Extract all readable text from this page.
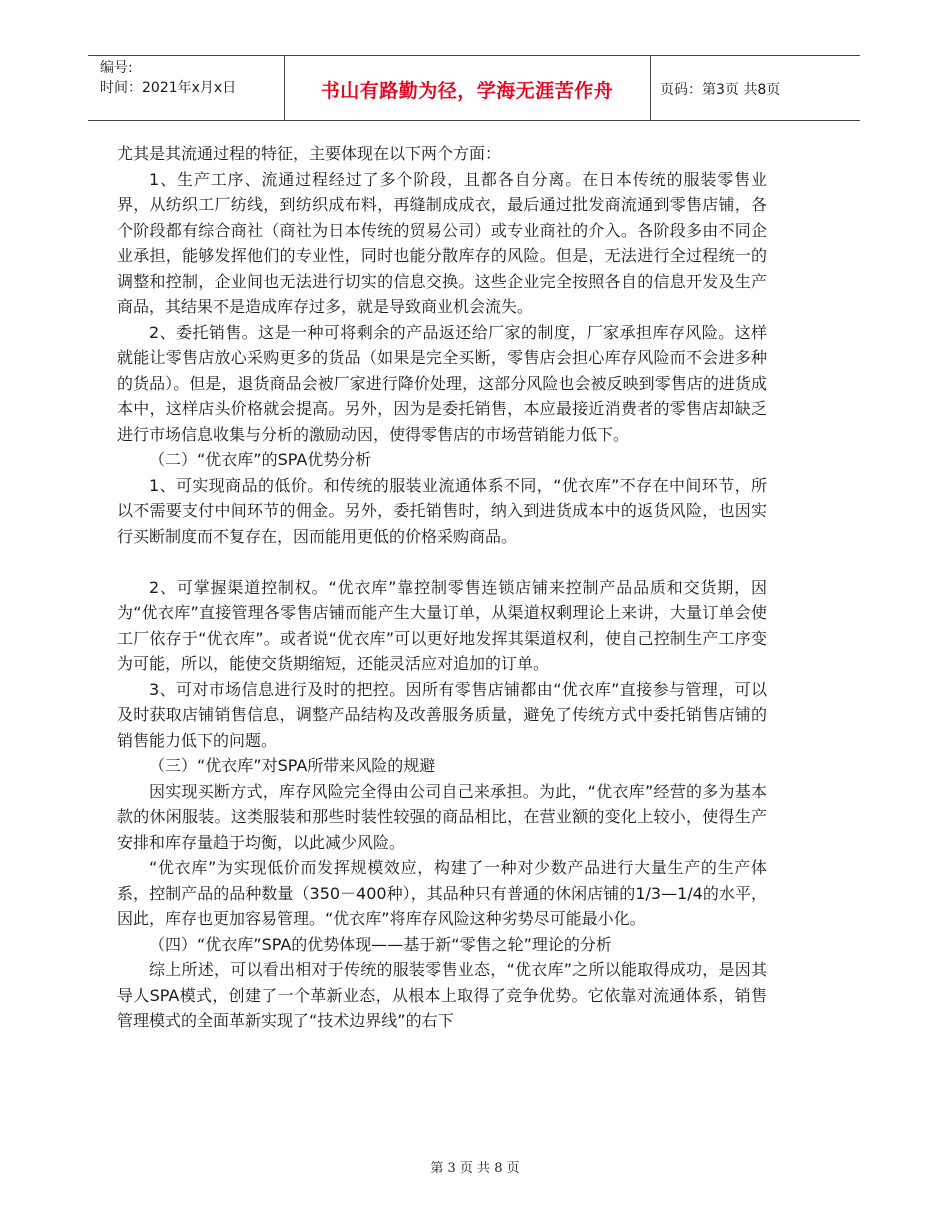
编号:
时间：2021年x月x日	书山有路勤为径，学海无涯苦作舟	页码：第3页 共8页

尤其是其流通过程的特征，主要体现在以下两个方面：

1、生产工序、流通过程经过了多个阶段，且都各自分离。在日本传统的服装零售业界，从纺织工厂纺线，到纺织成布料，再缝制成成衣，最后通过批发商流通到零售店铺，各个阶段都有综合商社（商社为日本传统的贸易公司）或专业商社的介入。各阶段多由不同企业承担，能够发挥他们的专业性，同时也能分散库存的风险。但是，无法进行全过程统一的调整和控制，企业间也无法进行切实的信息交换。这些企业完全按照各自的信息开发及生产商品，其结果不是造成库存过多，就是导致商业机会流失。

2、委托销售。这是一种可将剩余的产品返还给厂家的制度，厂家承担库存风险。这样就能让零售店放心采购更多的货品（如果是完全买断，零售店会担心库存风险而不会进多种的货品）。但是，退货商品会被厂家进行降价处理，这部分风险也会被反映到零售店的进货成本中，这样店头价格就会提高。另外，因为是委托销售，本应最接近消费者的零售店却缺乏进行市场信息收集与分析的激励动因，使得零售店的市场营销能力低下。

（二）“优衣库”的SPA优势分析

1、可实现商品的低价。和传统的服装业流通体系不同，“优衣库”不存在中间环节，所以不需要支付中间环节的佣金。另外，委托销售时，纳入到进货成本中的返货风险，也因实行买断制度而不复存在，因而能用更低的价格采购商品。

2、可掌握渠道控制权。“优衣库”靠控制零售连锁店铺来控制产品品质和交货期，因为“优衣库”直接管理各零售店铺而能产生大量订单，从渠道权剩理论上来讲，大量订单会使工厂依存于“优衣库”。或者说“优衣库”可以更好地发挥其渠道权利，使自己控制生产工序变为可能，所以，能使交货期缩短，还能灵活应对追加的订单。

3、可对市场信息进行及时的把控。因所有零售店铺都由“优衣库”直接参与管理，可以及时获取店铺销售信息，调整产品结构及改善服务质量，避免了传统方式中委托销售店铺的销售能力低下的问题。

（三）“优衣库”对SPA所带来风险的规避

因实现买断方式，库存风险完全得由公司自己来承担。为此，“优衣库”经营的多为基本款的休闲服装。这类服装和那些时装性较强的商品相比，在营业额的变化上较小，使得生产安排和库存量趋于均衡，以此减少风险。

“优衣库”为实现低价而发挥规模效应，构建了一种对少数产品进行大量生产的生产体系，控制产品的品种数量（350－400种），其品种只有普通的休闲店铺的1/3—1/4的水平，因此，库存也更加容易管理。“优衣库”将库存风险这种劣势尽可能最小化。

（四）“优衣库”SPA的优势体现——基于新“零售之轮”理论的分析

综上所述，可以看出相对于传统的服装零售业态，“优衣库”之所以能取得成功，是因其导人SPA模式，创建了一个革新业态，从根本上取得了竞争优势。它依靠对流通体系，销售管理模式的全面革新实现了“技术边界线”的右下

第 3 页 共 8 页
